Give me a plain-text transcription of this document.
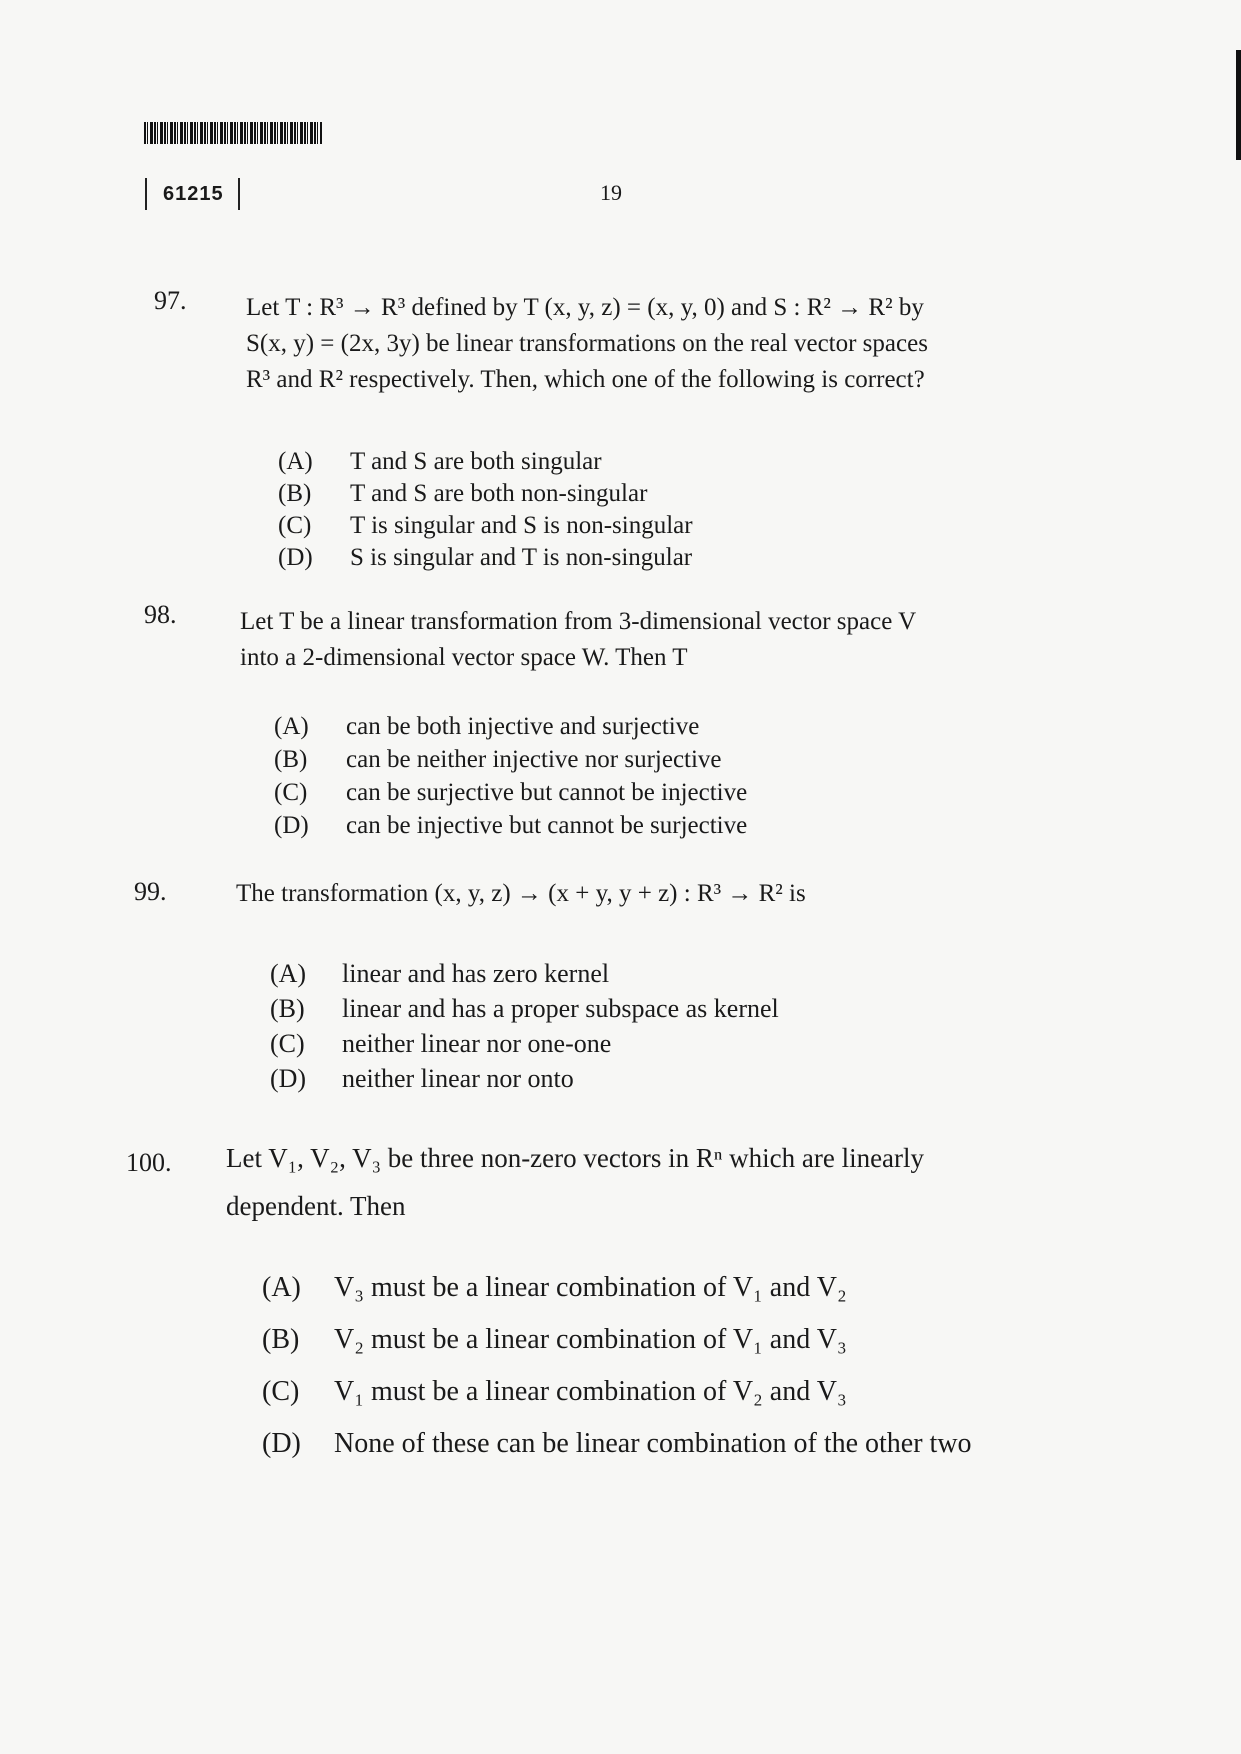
61215	19
97. Let T : R³ → R³ defined by T (x, y, z) = (x, y, 0) and S : R² → R² by
S(x, y) = (2x, 3y) be linear transformations on the real vector spaces
R³ and R² respectively. Then, which one of the following is correct?
(A)	T and S are both singular
(B)	T and S are both non-singular
(C)	T is singular and S is non-singular
(D)	S is singular and T is non-singular
98.	Let T be a linear transformation from 3-dimensional vector space V
into a 2-dimensional vector space W. Then T
(A)	can be both injective and surjective
(B)	can be neither injective nor surjective
(C)	can be surjective but cannot be injective
(D)	can be injective but cannot be surjective
99.	The transformation (x, y, z) → (x + y, y + z) : R³ → R² is
(A)	linear and has zero kernel
(B)	linear and has a proper subspace as kernel
(C)	neither linear nor one-one
(D)	neither linear nor onto
100. Let V₁, V₂, V₃ be three non-zero vectors in Rⁿ which are linearly
dependent. Then
(A)	V₃ must be a linear combination of V₁ and V₂
(B)	V₂ must be a linear combination of V₁ and V₃
(C)	V₁ must be a linear combination of V₂ and V₃
(D)	None of these can be linear combination of the other two
